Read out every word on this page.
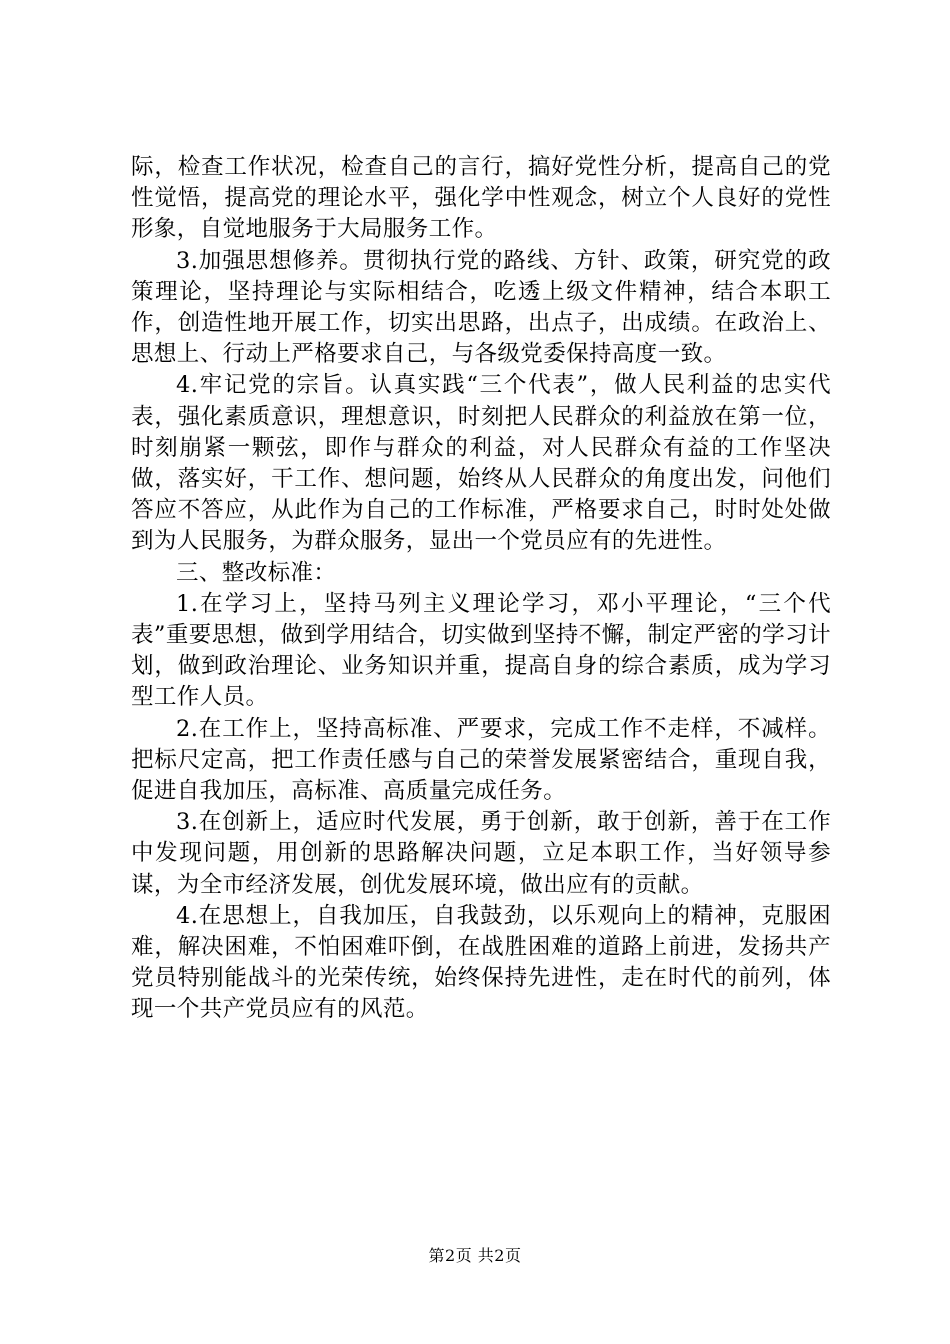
际，检查工作状况，检查自己的言行，搞好党性分析，提高自己的党性觉悟，提高党的理论水平，强化学中性观念，树立个人良好的党性形象，自觉地服务于大局服务工作。

3.加强思想修养。贯彻执行党的路线、方针、政策，研究党的政策理论，坚持理论与实际相结合，吃透上级文件精神，结合本职工作，创造性地开展工作，切实出思路，出点子，出成绩。在政治上、思想上、行动上严格要求自己，与各级党委保持高度一致。

4.牢记党的宗旨。认真实践“三个代表”，做人民利益的忠实代表，强化素质意识，理想意识，时刻把人民群众的利益放在第一位，时刻崩紧一颗弦，即作与群众的利益，对人民群众有益的工作坚决做，落实好，干工作、想问题，始终从人民群众的角度出发，问他们答应不答应，从此作为自己的工作标准，严格要求自己，时时处处做到为人民服务，为群众服务，显出一个党员应有的先进性。

三、整改标准：

1.在学习上，坚持马列主义理论学习，邓小平理论，“三个代表”重要思想，做到学用结合，切实做到坚持不懈，制定严密的学习计划，做到政治理论、业务知识并重，提高自身的综合素质，成为学习型工作人员。

2.在工作上，坚持高标准、严要求，完成工作不走样，不减样。把标尺定高，把工作责任感与自己的荣誉发展紧密结合，重现自我，促进自我加压，高标准、高质量完成任务。

3.在创新上，适应时代发展，勇于创新，敢于创新，善于在工作中发现问题，用创新的思路解决问题，立足本职工作，当好领导参谋，为全市经济发展，创优发展环境，做出应有的贡献。

4.在思想上，自我加压，自我鼓劲，以乐观向上的精神，克服困难，解决困难，不怕困难吓倒，在战胜困难的道路上前进，发扬共产党员特别能战斗的光荣传统，始终保持先进性，走在时代的前列，体现一个共产党员应有的风范。

第2页 共2页
